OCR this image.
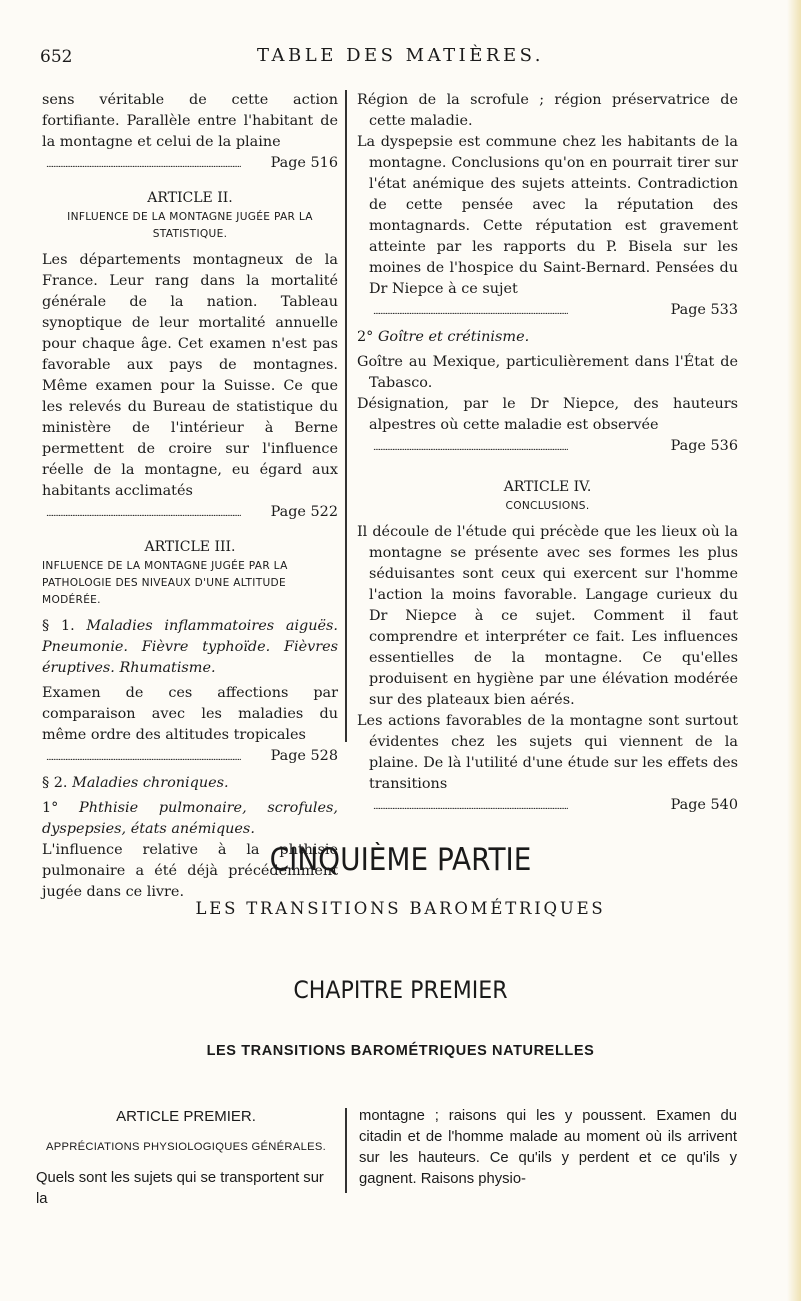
652	TABLE DES MATIÈRES.

sens véritable de cette action fortifiante. Parallèle entre l'habitant de la montagne et celui de la plaine

. . .
Page 516
ARTICLE II.
INFLUENCE DE LA MONTAGNE JUGÉE PAR LA STATISTIQUE.

Les départements montagneux de la France. Leur rang dans la mortalité générale de la nation. Tableau synoptique de leur mortalité annuelle pour chaque âge. Cet examen n'est pas favorable aux pays de montagnes. Même examen pour la Suisse. Ce que les relevés du Bureau de statistique du ministère de l'intérieur à Berne permettent de croire sur l'influence réelle de la montagne, eu égard aux habitants acclimatés

. . .
Page 522
ARTICLE III.
INFLUENCE DE LA MONTAGNE JUGÉE PAR LA PATHOLOGIE DES NIVEAUX D'UNE ALTITUDE MODÉRÉE.

§ 1. Maladies inflammatoires aiguës. Pneumonie. Fièvre typhoïde. Fièvres éruptives. Rhumatisme.

Examen de ces affections par comparaison avec les maladies du même ordre des altitudes tropicales

. . .
Page 528

§ 2. Maladies chroniques.

1° Phthisie pulmonaire, scrofules, dyspepsies, états anémiques.

L'influence relative à la phthisie pulmonaire a été déjà précédemment jugée dans ce livre.

Région de la scrofule ; région préservatrice de cette maladie.

La dyspepsie est commune chez les habitants de la montagne. Conclusions qu'on en pourrait tirer sur l'état anémique des sujets atteints. Contradiction de cette pensée avec la réputation des montagnards. Cette réputation est gravement atteinte par les rapports du P. Bisela sur les moines de l'hospice du Saint-Bernard. Pensées du Dr Niepce à ce sujet

. . .
Page 533

2° Goître et crétinisme.

Goître au Mexique, particulièrement dans l'État de Tabasco.

Désignation, par le Dr Niepce, des hauteurs alpestres où cette maladie est observée

. . .
Page 536
ARTICLE IV.
CONCLUSIONS.

Il découle de l'étude qui précède que les lieux où la montagne se présente avec ses formes les plus séduisantes sont ceux qui exercent sur l'homme l'action la moins favorable. Langage curieux du Dr Niepce à ce sujet. Comment il faut comprendre et interpréter ce fait. Les influences essentielles de la montagne. Ce qu'elles produisent en hygiène par une élévation modérée sur des plateaux bien aérés.

Les actions favorables de la montagne sont surtout évidentes chez les sujets qui viennent de la plaine. De là l'utilité d'une étude sur les effets des transitions

. . .
Page 540
CINQUIÈME PARTIE
LES TRANSITIONS BAROMÉTRIQUES
CHAPITRE PREMIER
LES TRANSITIONS BAROMÉTRIQUES NATURELLES
ARTICLE PREMIER.
APPRÉCIATIONS PHYSIOLOGIQUES GÉNÉRALES.

Quels sont les sujets qui se transportent sur la

montagne ; raisons qui les y poussent. Examen du citadin et de l'homme malade au moment où ils arrivent sur les hauteurs. Ce qu'ils y perdent et ce qu'ils y gagnent. Raisons physio-
